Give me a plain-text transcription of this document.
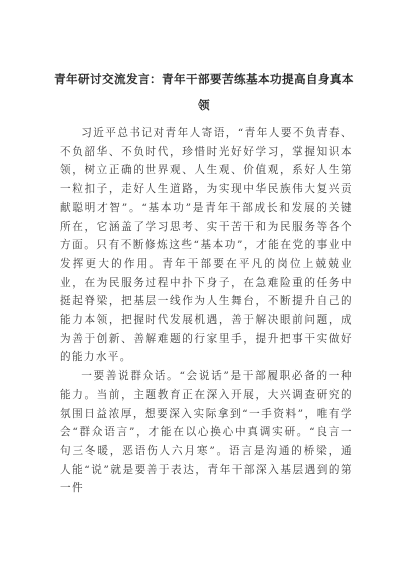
青年研讨交流发言：青年干部要苦练基本功提高自身真本领

习近平总书记对青年人寄语，“青年人要不负青春、不负韶华、不负时代，珍惜时光好好学习，掌握知识本领，树立正确的世界观、人生观、价值观，系好人生第一粒扣子，走好人生道路，为实现中华民族伟大复兴贡献聪明才智”。“基本功”是青年干部成长和发展的关键所在，它涵盖了学习思考、实干苦干和为民服务等各个方面。只有不断修炼这些“基本功”，才能在党的事业中发挥更大的作用。青年干部要在平凡的岗位上兢兢业业，在为民服务过程中扑下身子，在急难险重的任务中挺起脊梁，把基层一线作为人生舞台，不断提升自己的能力本领，把握时代发展机遇，善于解决眼前问题，成为善于创新、善解难题的行家里手，提升把事干实做好的能力水平。

一要善说群众话。“会说话”是干部履职必备的一种能力。当前，主题教育正在深入开展，大兴调查研究的氛围日益浓厚，想要深入实际拿到“一手资料”，唯有学会“群众语言”，才能在以心换心中真调实研。“良言一句三冬暖，恶语伤人六月寒”。语言是沟通的桥梁，通人能“说”就是要善于表达，青年干部深入基层遇到的第一件
